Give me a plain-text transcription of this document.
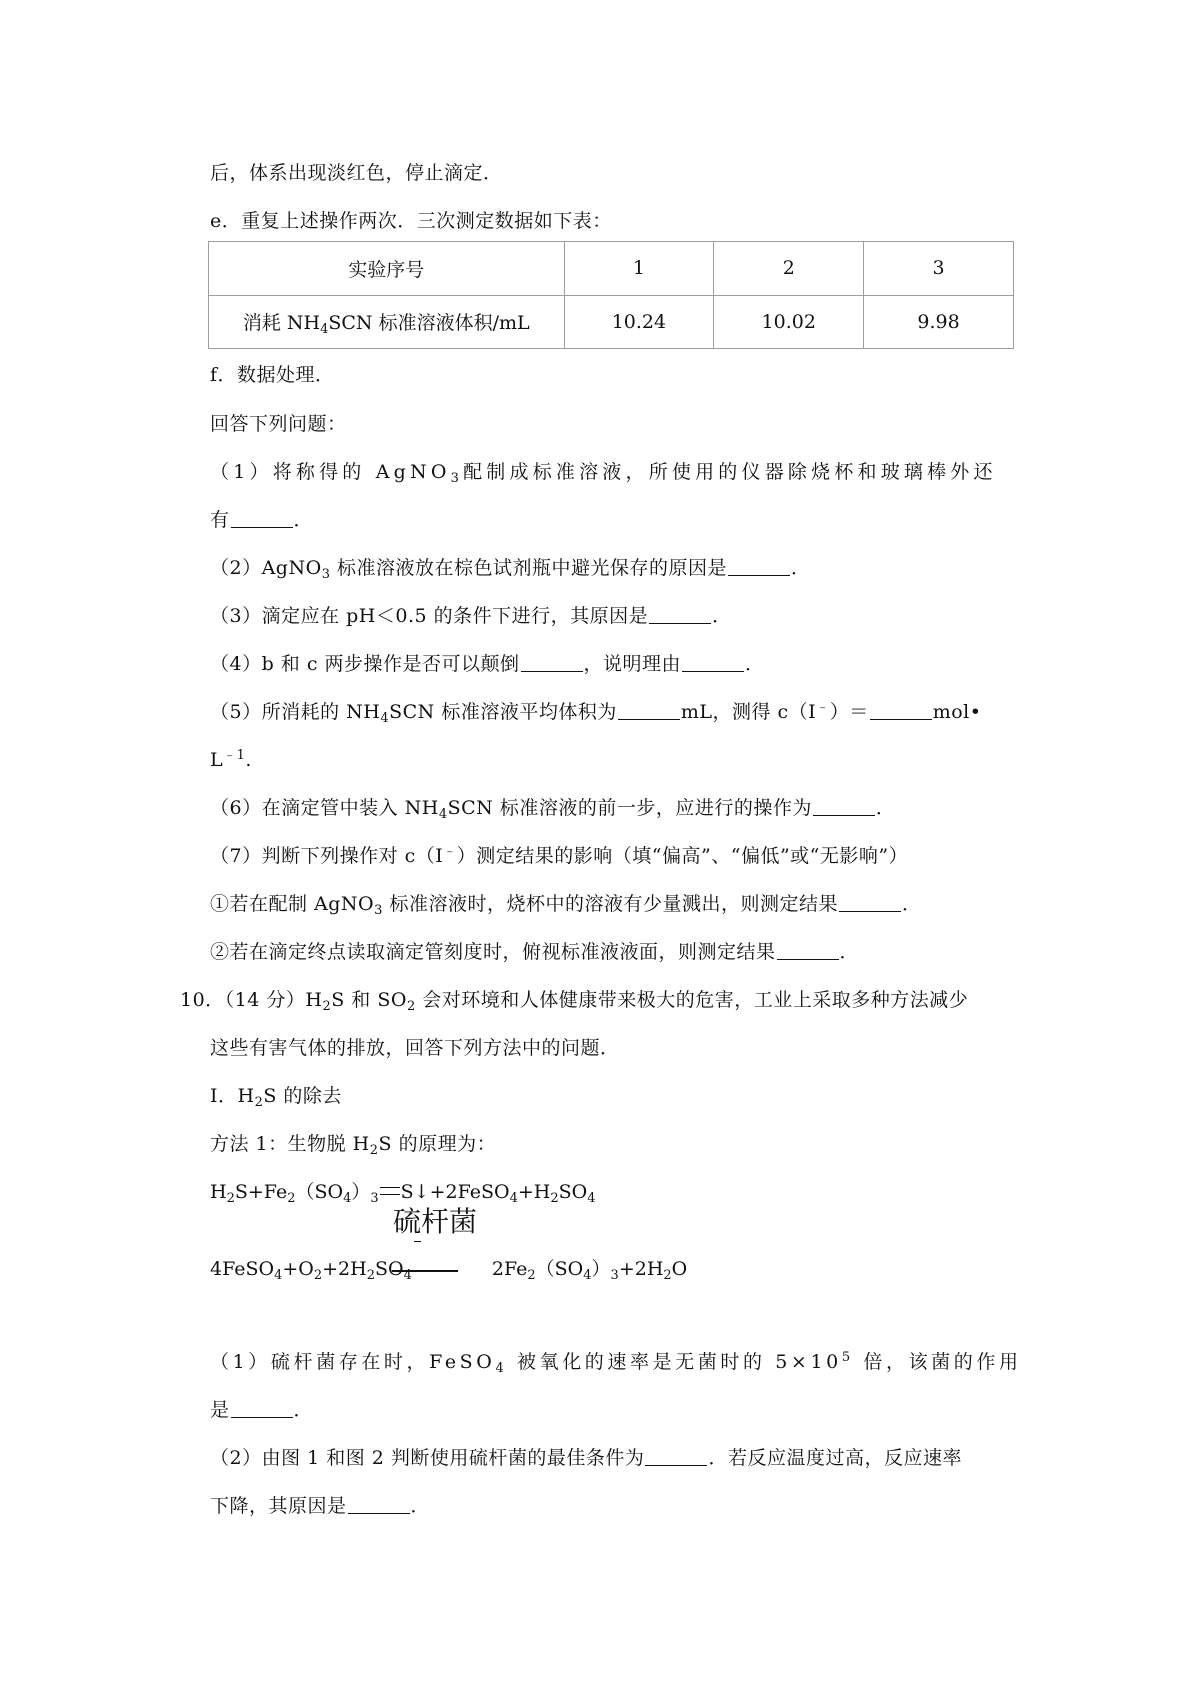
后，体系出现淡红色，停止滴定．
e．重复上述操作两次．三次测定数据如下表：
实验序号	1	2	3
消耗 $NH_4SCN$ 标准溶液体积/mL	10.24	10.02	9.98
f．数据处理．
回答下列问题：
（1）将称得的 AgNO$_3$配制成标准溶液，所使用的仪器除烧杯和玻璃棒外还
有	．
（2）AgNO$_3$ 标准溶液放在棕色试剂瓶中避光保存的原因是	．
（3）滴定应在 pH＜0.5 的条件下进行，其原因是	．
（4）b 和 c 两步操作是否可以颠倒	，说明理由	．
（5）所消耗的 $NH_4SCN$ 标准溶液平均体积为	mL，测得 c（I﹣）＝	mol•
$L^{﹣1}$.
（6）在滴定管中装入 $NH_4SCN$ 标准溶液的前一步，应进行的操作为	．
（7）判断下列操作对 c（I﹣）测定结果的影响（填“偏高”、“偏低”或“无影响”）
①若在配制 AgNO$_3$ 标准溶液时，烧杯中的溶液有少量溅出，则测定结果	．
②若在滴定终点读取滴定管刻度时，俯视标准液液面，则测定结果	．
10．（14 分）$H_2S$ 和 $SO_2$ 会对环境和人体健康带来极大的危害，工业上采取多种方法减少
这些有害气体的排放，回答下列方法中的问题．
Ⅰ．$H_2S$ 的除去
方法 1：生物脱 $H_2S$ 的原理为：
$H_2S+Fe_2(SO_4)_3$ $S↓+2FeSO_4+H_2SO_4$
硫杆菌
$4FeSO_4+O_2+2H_2SO_4$	$2Fe_2(SO_4)_3+2H_2O$
（1）硫杆菌存在时，FeSO$_4$ 被氧化的速率是无菌时的 $5\times 10^5$ 倍，该菌的作用
是	．
（2）由图 1 和图 2 判断使用硫杆菌的最佳条件为	．若反应温度过高，反应速率
下降，其原因是	．
